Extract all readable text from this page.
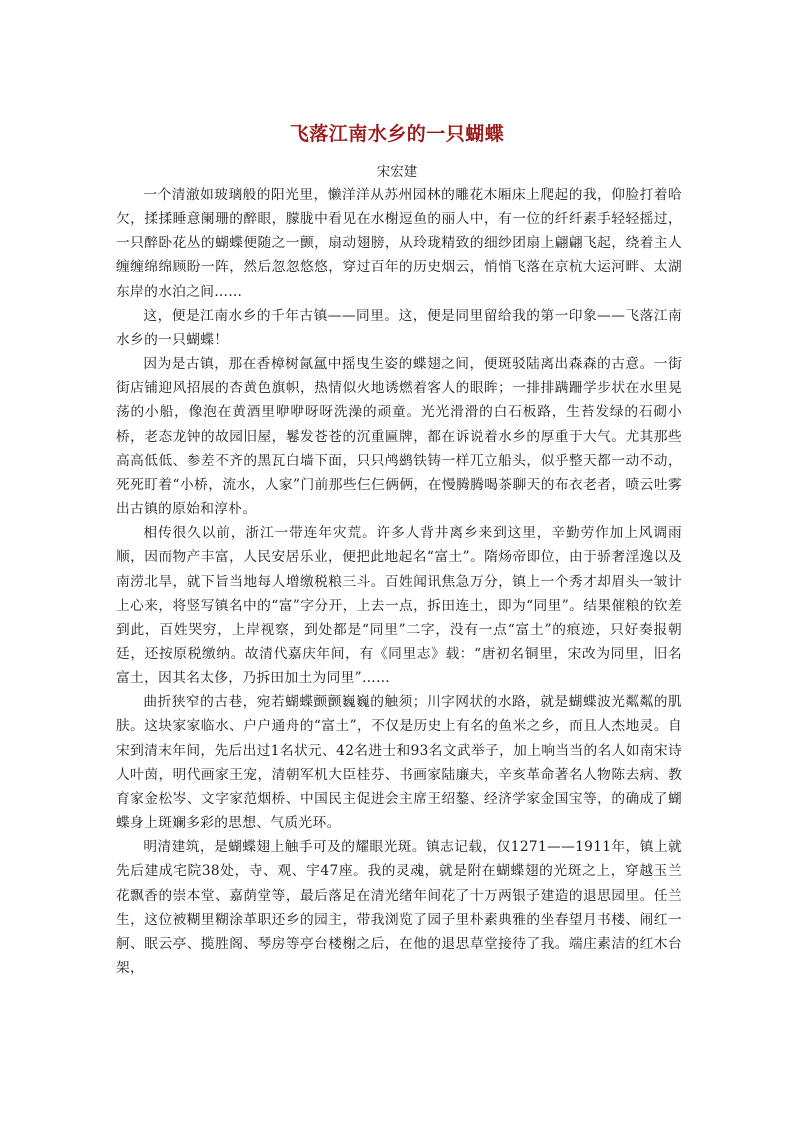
飞落江南水乡的一只蝴蝶
宋宏建

一个清澈如玻璃般的阳光里，懒洋洋从苏州园林的雕花木厢床上爬起的我，仰脸打着哈欠，揉揉睡意阑珊的醉眼，朦胧中看见在水榭逗鱼的丽人中，有一位的纤纤素手轻轻摇过，一只醉卧花丛的蝴蝶便随之一颤，扇动翅膀，从玲珑精致的细纱团扇上翩翩飞起，绕着主人缠缠绵绵顾盼一阵，然后忽忽悠悠，穿过百年的历史烟云，悄悄飞落在京杭大运河畔、太湖东岸的水泊之间……

这，便是江南水乡的千年古镇——同里。这，便是同里留给我的第一印象——飞落江南水乡的一只蝴蝶！

因为是古镇，那在香樟树氤氲中摇曳生姿的蝶翅之间，便斑驳陆离出森森的古意。一街街店铺迎风招展的杏黄色旗帜，热情似火地诱燃着客人的眼眸；一排排蹒跚学步状在水里晃荡的小船，像泡在黄酒里咿咿呀呀洗澡的顽童。光光滑滑的白石板路，生苔发绿的石砌小桥，老态龙钟的故园旧屋，鬈发苍苍的沉重匾牌，都在诉说着水乡的厚重于大气。尤其那些高高低低、参差不齐的黑瓦白墙下面，只只鸬鹚铁铸一样兀立船头，似乎整天都一动不动，死死盯着“小桥，流水，人家”门前那些仨仨俩俩，在慢腾腾喝茶聊天的布衣老者，喷云吐雾出古镇的原始和淳朴。

相传很久以前，浙江一带连年灾荒。许多人背井离乡来到这里，辛勤劳作加上风调雨顺，因而物产丰富，人民安居乐业，便把此地起名“富土”。隋炀帝即位，由于骄奢淫逸以及南涝北旱，就下旨当地每人增缴税粮三斗。百姓闻讯焦急万分，镇上一个秀才却眉头一皱计上心来，将竖写镇名中的“富”字分开，上去一点，拆田连土，即为“同里”。结果催粮的钦差到此，百姓哭穷，上岸视察，到处都是“同里”二字，没有一点“富土”的痕迹，只好奏报朝廷，还按原税缴纳。故清代嘉庆年间，有《同里志》载：“唐初名铜里，宋改为同里，旧名富土，因其名太侈，乃拆田加土为同里”……

曲折狭窄的古巷，宛若蝴蝶颤颤巍巍的触须；川字网状的水路，就是蝴蝶波光粼粼的肌肤。这块家家临水、户户通舟的“富土”，不仅是历史上有名的鱼米之乡，而且人杰地灵。自宋到清末年间，先后出过1名状元、42名进士和93名文武举子，加上响当当的名人如南宋诗人叶茵，明代画家王宠，清朝军机大臣桂芬、书画家陆廉夫，辛亥革命著名人物陈去病、教育家金松岑、文字家范烟桥、中国民主促进会主席王绍鏊、经济学家金国宝等，的确成了蝴蝶身上斑斓多彩的思想、气质光环。

明清建筑，是蝴蝶翅上触手可及的耀眼光斑。镇志记载，仅1271——1911年，镇上就先后建成宅院38处，寺、观、宇47座。我的灵魂，就是附在蝴蝶翅的光斑之上，穿越玉兰花飘香的崇本堂、嘉荫堂等，最后落足在清光绪年间花了十万两银子建造的退思园里。任兰生，这位被糊里糊涂革职还乡的园主，带我浏览了园子里朴素典雅的坐春望月书楼、闹红一舸、眠云亭、揽胜阁、琴房等亭台楼榭之后，在他的退思草堂接待了我。端庄素洁的红木台架，
